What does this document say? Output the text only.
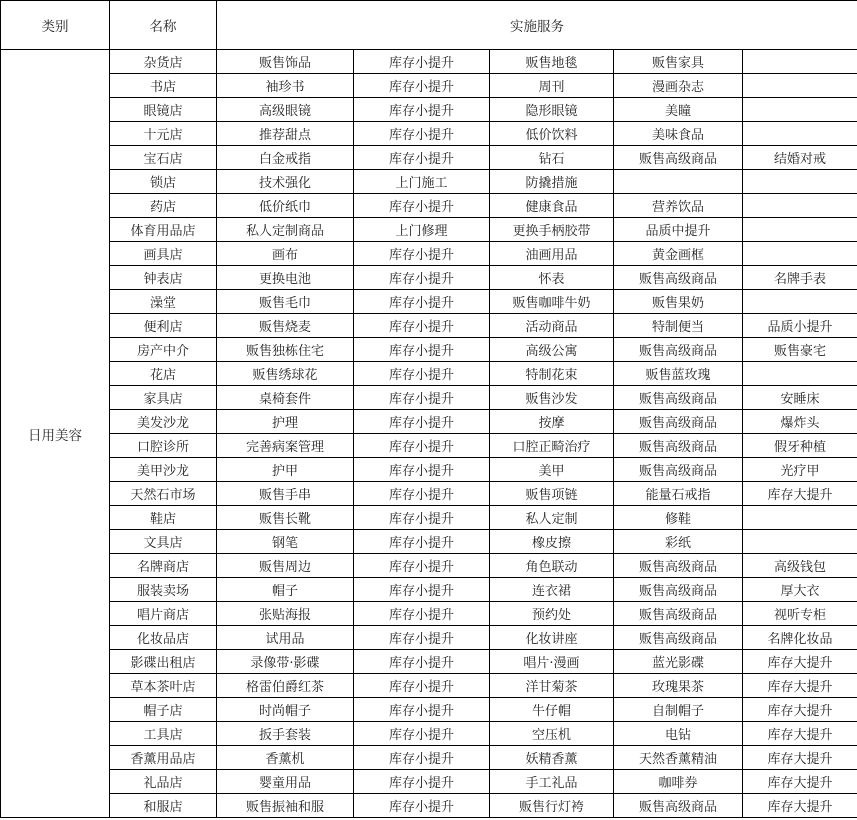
类别	名称	实施服务				
日用美容	杂货店	贩售饰品	库存小提升	贩售地毯	贩售家具	
	书店	袖珍书	库存小提升	周刊	漫画杂志	
	眼镜店	高级眼镜	库存小提升	隐形眼镜	美瞳	
	十元店	推荐甜点	库存小提升	低价饮料	美味食品	
	宝石店	白金戒指	库存小提升	钻石	贩售高级商品	结婚对戒
	锁店	技术强化	上门施工	防撬措施		
	药店	低价纸巾	库存小提升	健康食品	营养饮品	
	体育用品店	私人定制商品	上门修理	更换手柄胶带	品质中提升	
	画具店	画布	库存小提升	油画用品	黄金画框	
	钟表店	更换电池	库存小提升	怀表	贩售高级商品	名牌手表
	澡堂	贩售毛巾	库存小提升	贩售咖啡牛奶	贩售果奶	
	便利店	贩售烧麦	库存小提升	活动商品	特制便当	品质小提升
	房产中介	贩售独栋住宅	库存小提升	高级公寓	贩售高级商品	贩售豪宅
	花店	贩售绣球花	库存小提升	特制花束	贩售蓝玫瑰	
	家具店	桌椅套件	库存小提升	贩售沙发	贩售高级商品	安睡床
	美发沙龙	护理	库存小提升	按摩	贩售高级商品	爆炸头
	口腔诊所	完善病案管理	库存小提升	口腔正畸治疗	贩售高级商品	假牙种植
	美甲沙龙	护甲	库存小提升	美甲	贩售高级商品	光疗甲
	天然石市场	贩售手串	库存小提升	贩售项链	能量石戒指	库存大提升
	鞋店	贩售长靴	库存小提升	私人定制	修鞋	
	文具店	钢笔	库存小提升	橡皮擦	彩纸	
	名牌商店	贩售周边	库存小提升	角色联动	贩售高级商品	高级钱包
	服装卖场	帽子	库存小提升	连衣裙	贩售高级商品	厚大衣
	唱片商店	张贴海报	库存小提升	预约处	贩售高级商品	视听专柜
	化妆品店	试用品	库存小提升	化妆讲座	贩售高级商品	名牌化妆品
	影碟出租店	录像带·影碟	库存小提升	唱片·漫画	蓝光影碟	库存大提升
	草本茶叶店	格雷伯爵红茶	库存小提升	洋甘菊茶	玫瑰果茶	库存大提升
	帽子店	时尚帽子	库存小提升	牛仔帽	自制帽子	库存大提升
	工具店	扳手套装	库存小提升	空压机	电钻	库存大提升
	香薰用品店	香薰机	库存小提升	妖精香薰	天然香薰精油	库存大提升
	礼品店	婴童用品	库存小提升	手工礼品	咖啡券	库存大提升
	和服店	贩售振袖和服	库存小提升	贩售行灯袴	贩售高级商品	库存大提升
